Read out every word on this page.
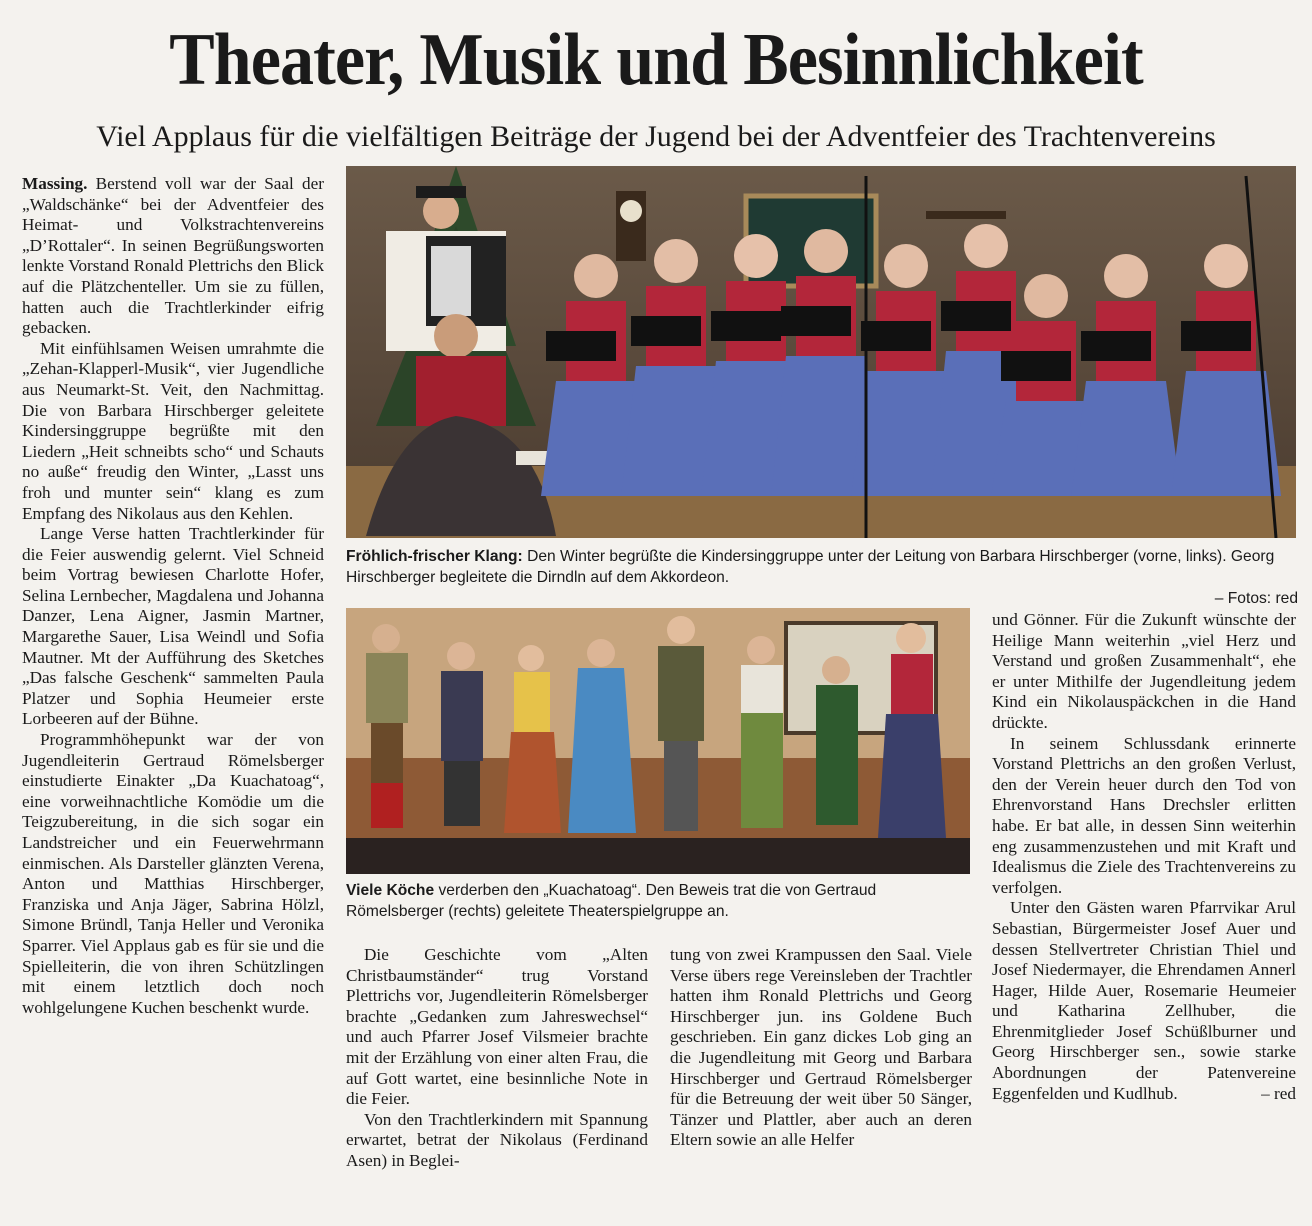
Theater, Musik und Besinnlichkeit
Viel Applaus für die vielfältigen Beiträge der Jugend bei der Adventfeier des Trachtenvereins

Massing. Berstend voll war der Saal der „Waldschänke“ bei der Adventfeier des Heimat- und Volkstrachtenvereins „D’Rottaler“. In seinen Begrüßungsworten lenkte Vorstand Ronald Plettrichs den Blick auf die Plätzchenteller. Um sie zu füllen, hatten auch die Trachtlerkinder eifrig gebacken.

Mit einfühlsamen Weisen umrahmte die „Zehan-Klapperl-Musik“, vier Jugendliche aus Neumarkt-St. Veit, den Nachmittag. Die von Barbara Hirschberger geleitete Kindersinggruppe begrüßte mit den Liedern „Heit schneibts scho“ und Schauts no auße“ freudig den Winter, „Lasst uns froh und munter sein“ klang es zum Empfang des Nikolaus aus den Kehlen.

Lange Verse hatten Trachtlerkinder für die Feier auswendig gelernt. Viel Schneid beim Vortrag bewiesen Charlotte Hofer, Selina Lernbecher, Magdalena und Johanna Danzer, Lena Aigner, Jasmin Martner, Margarethe Sauer, Lisa Weindl und Sofia Mautner. Mt der Aufführung des Sketches „Das falsche Geschenk“ sammelten Paula Platzer und Sophia Heumeier erste Lorbeeren auf der Bühne.

Programmhöhepunkt war der von Jugendleiterin Gertraud Römelsberger einstudierte Einakter „Da Kuachatoag“, eine vorweihnachtliche Komödie um die Teigzubereitung, in die sich sogar ein Landstreicher und ein Feuerwehrmann einmischen. Als Darsteller glänzten Verena, Anton und Matthias Hirschberger, Franziska und Anja Jäger, Sabrina Hölzl, Simone Bründl, Tanja Heller und Veronika Sparrer. Viel Applaus gab es für sie und die Spielleiterin, die von ihren Schützlingen mit einem letztlich doch noch wohlgelungene Kuchen beschenkt wurde.

Fröhlich-frischer Klang: Den Winter begrüßte die Kindersinggruppe unter der Leitung von Barbara Hirschberger (vorne, links). Georg Hirschberger begleitete die Dirndln auf dem Akkordeon.

– Fotos: red
Viele Köche verderben den „Kuachatoag“. Den Beweis trat die von Gertraud Römelsberger (rechts) geleitete Theaterspielgruppe an.

Die Geschichte vom „Alten Christbaumständer“ trug Vorstand Plettrichs vor, Jugendleiterin Römelsberger brachte „Gedanken zum Jahreswechsel“ und auch Pfarrer Josef Vilsmeier brachte mit der Erzählung von einer alten Frau, die auf Gott wartet, eine besinnliche Note in die Feier.

Von den Trachtlerkindern mit Spannung erwartet, betrat der Nikolaus (Ferdinand Asen) in Beglei-

tung von zwei Krampussen den Saal. Viele Verse übers rege Vereinsleben der Trachtler hatten ihm Ronald Plettrichs und Georg Hirschberger jun. ins Goldene Buch geschrieben. Ein ganz dickes Lob ging an die Jugendleitung mit Georg und Barbara Hirschberger und Gertraud Römelsberger für die Betreuung der weit über 50 Sänger, Tänzer und Plattler, aber auch an deren Eltern sowie an alle Helfer

und Gönner. Für die Zukunft wünschte der Heilige Mann weiterhin „viel Herz und Verstand und großen Zusammenhalt“, ehe er unter Mithilfe der Jugendleitung jedem Kind ein Nikolauspäckchen in die Hand drückte.

In seinem Schlussdank erinnerte Vorstand Plettrichs an den großen Verlust, den der Verein heuer durch den Tod von Ehrenvorstand Hans Drechsler erlitten habe. Er bat alle, in dessen Sinn weiterhin eng zusammenzustehen und mit Kraft und Idealismus die Ziele des Trachtenvereins zu verfolgen.

Unter den Gästen waren Pfarrvikar Arul Sebastian, Bürgermeister Josef Auer und dessen Stellvertreter Christian Thiel und Josef Niedermayer, die Ehrendamen Annerl Hager, Hilde Auer, Rosemarie Heumeier und Katharina Zellhuber, die Ehrenmitglieder Josef Schüßlburner und Georg Hirschberger sen., sowie starke Abordnungen der Patenvereine Eggenfelden und Kudlhub.	– red
